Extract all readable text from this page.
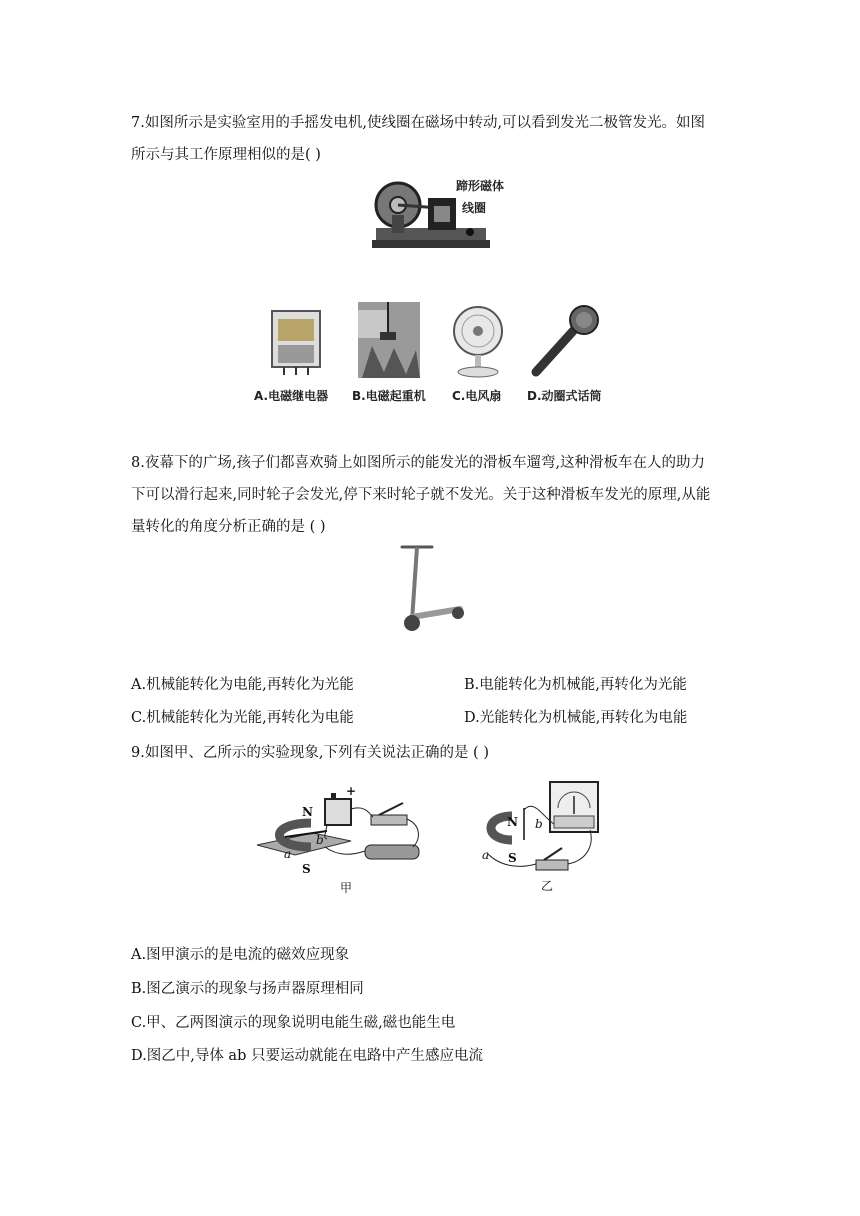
7.如图所示是实验室用的手摇发电机,使线圈在磁场中转动,可以看到发光二极管发光。如图
所示与其工作原理相似的是( )
蹄形磁体
线圈
A.电磁继电器 B.电磁起重机 C.电风扇 D.动圈式话筒
8.夜幕下的广场,孩子们都喜欢骑上如图所示的能发光的滑板车遛弯,这种滑板车在人的助力
下可以滑行起来,同时轮子会发光,停下来时轮子就不发光。关于这种滑板车发光的原理,从能
量转化的角度分析正确的是 ( )
A.机械能转化为电能,再转化为光能	B.电能转化为机械能,再转化为光能
C.机械能转化为光能,再转化为电能	D.光能转化为机械能,再转化为电能
9.如图甲、乙所示的实验现象,下列有关说法正确的是 ( )
N
S
a
b
+
甲
N
S
a
b
乙
A.图甲演示的是电流的磁效应现象
B.图乙演示的现象与扬声器原理相同
C.甲、乙两图演示的现象说明电能生磁,磁也能生电
D.图乙中,导体 ab 只要运动就能在电路中产生感应电流
